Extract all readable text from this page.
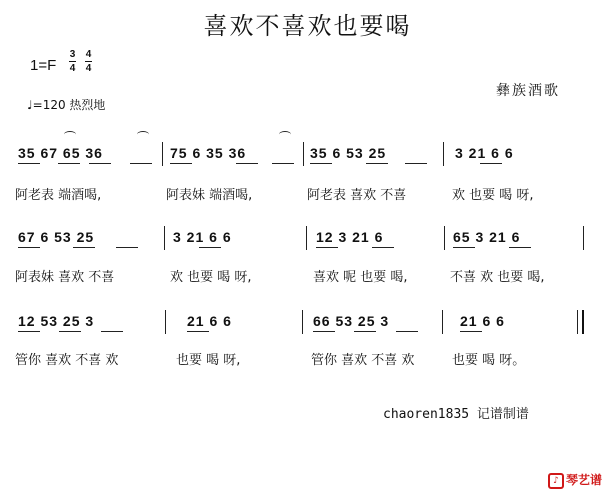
喜欢不喜欢也要喝
$1=F \frac{3}{4} \frac{4}{4}$
彝族酒歌
♩=120 热烈地
35 67 65 36	75 6 35 36	35 6 53 25	3 21 6 6
阿老表 端酒喝,	阿表妹 端酒喝,	阿老表 喜欢 不喜	欢 也要 喝 呀,
67 6 53 25	3 21 6 6	12 3 21 6	65 3 21 6
阿表妹 喜欢 不喜	欢 也要 喝 呀,	喜欢 呢 也要 喝,	不喜 欢 也要 喝,
12 53 25 3	21 6 6	66 53 25 3	21 6 6
管你 喜欢 不喜 欢	也要 喝 呀,	管你 喜欢 不喜 欢	也要 喝 呀。
chaoren1835 记谱制谱
♪ 琴艺谱
